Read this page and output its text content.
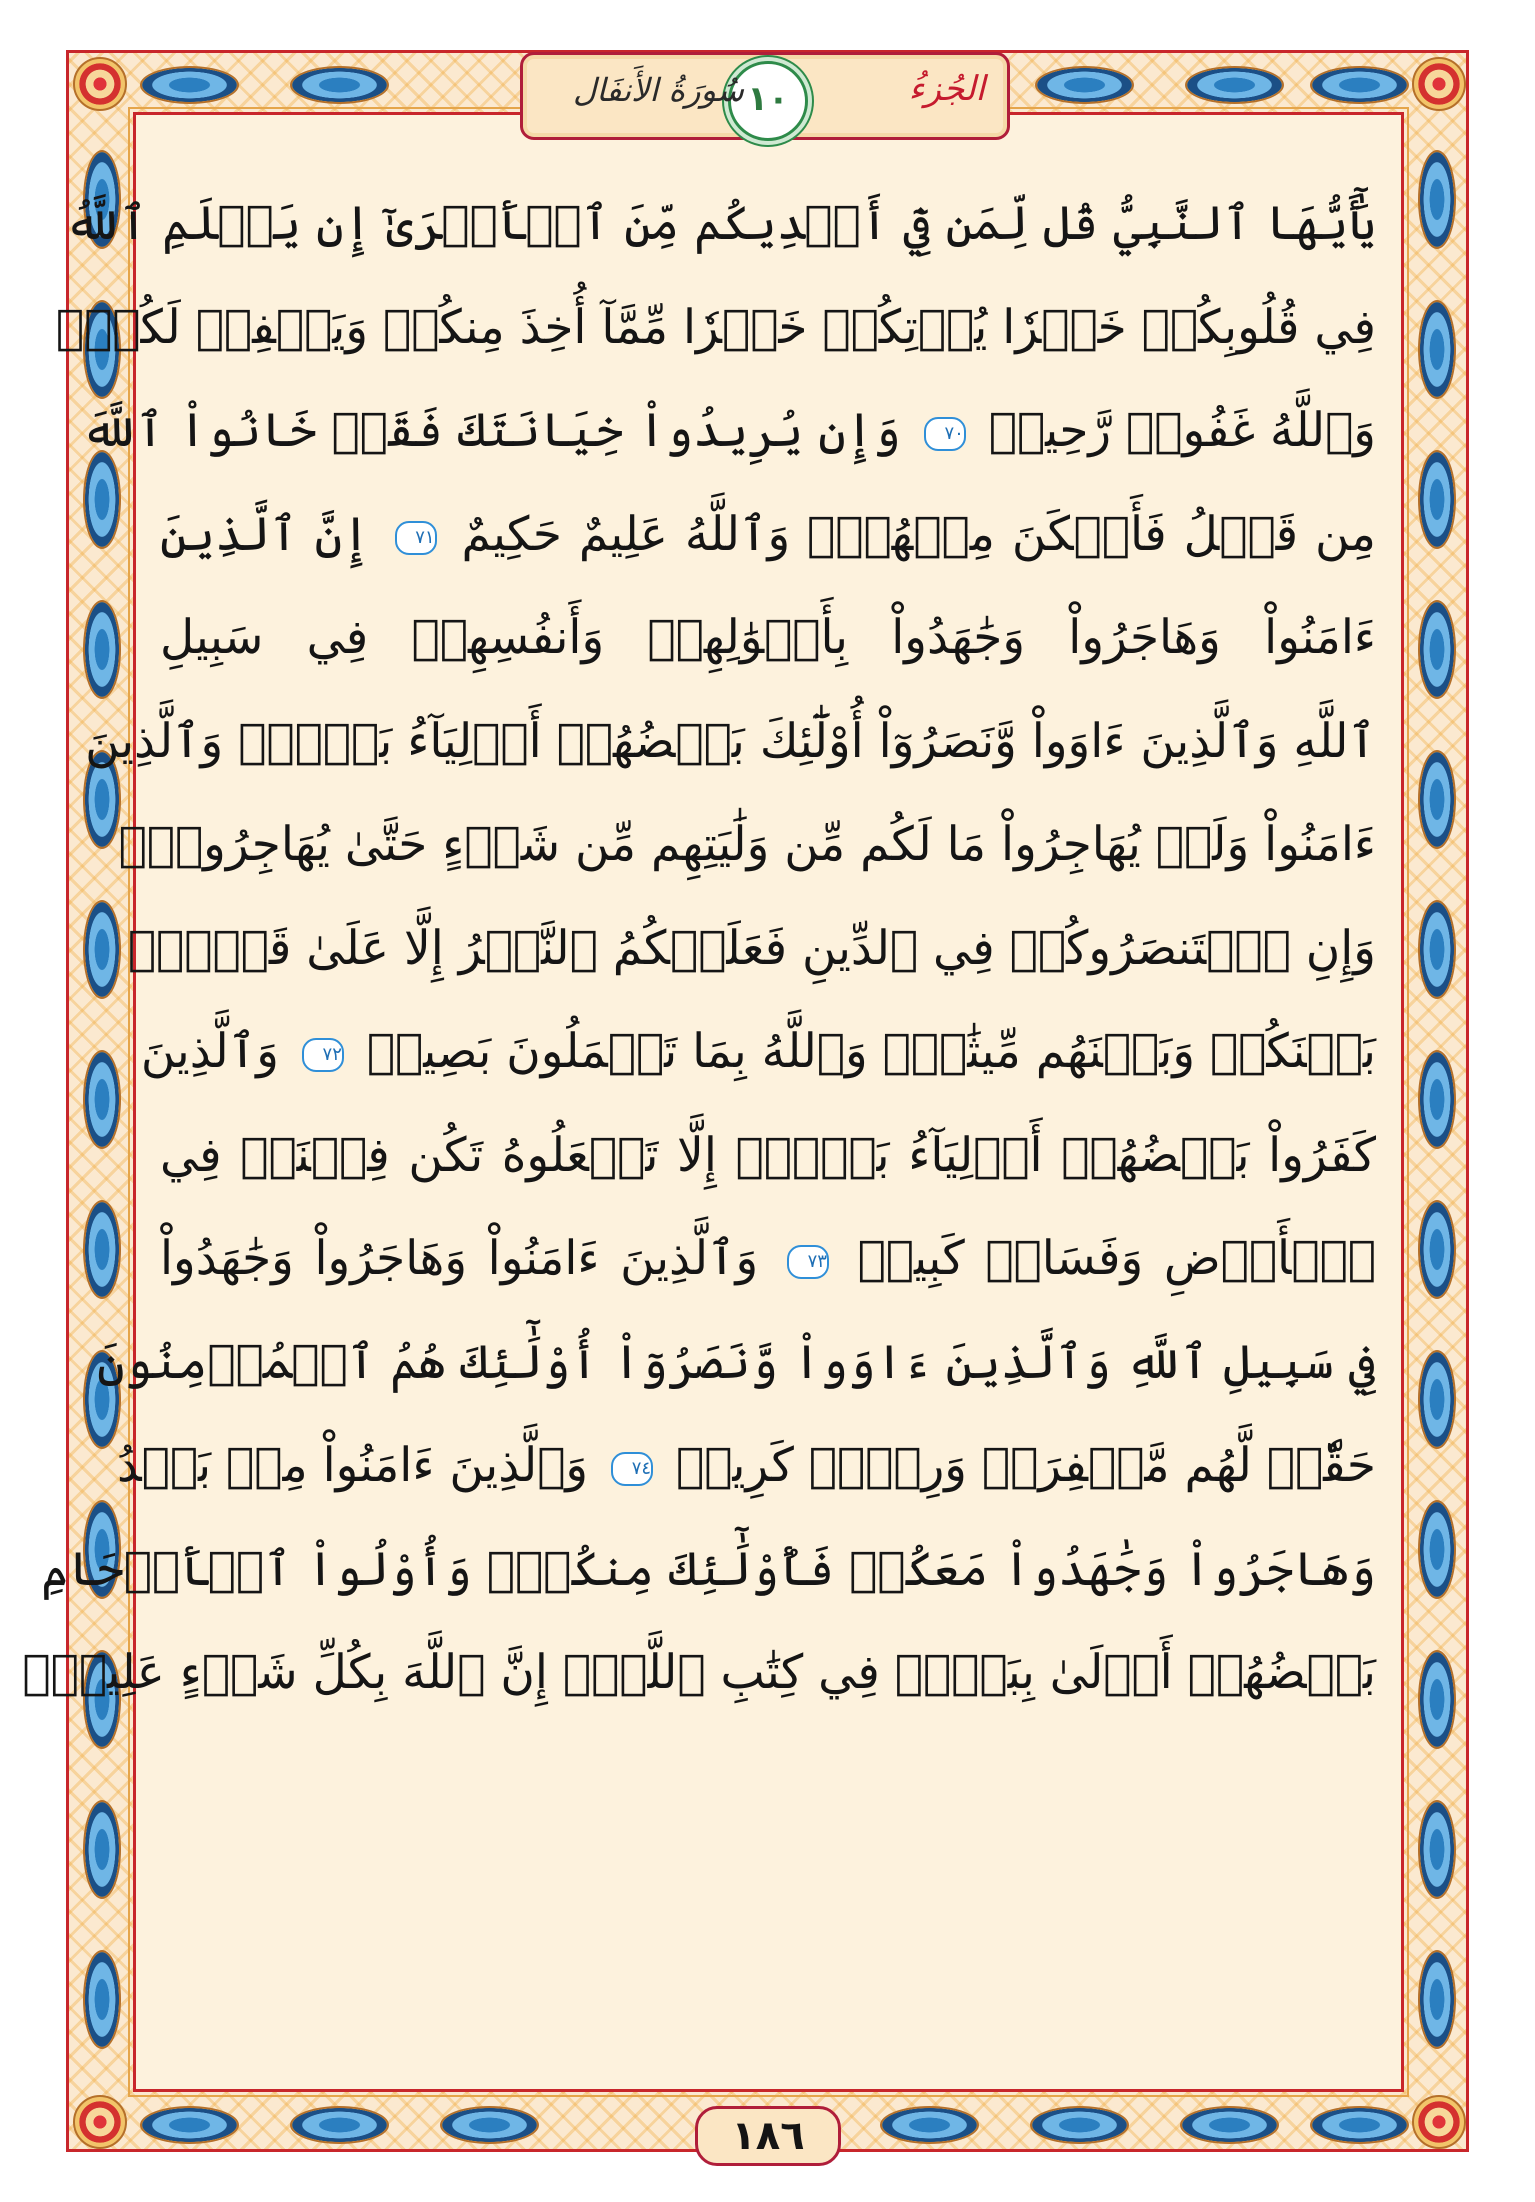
الجُزءُ
١٠
سُورَةُ الأَنفَال
يَٰٓأَيُّهَا ٱلنَّبِيُّ قُل لِّمَن فِيٓ أَيۡدِيكُم مِّنَ ٱلۡأَسۡرَىٰٓ إِن يَعۡلَمِ ٱللَّهُ
فِي قُلُوبِكُمۡ خَيۡرٗا يُؤۡتِكُمۡ خَيۡرٗا مِّمَّآ أُخِذَ مِنكُمۡ وَيَغۡفِرۡ لَكُمۡۚ
وَٱللَّهُ غَفُورٞ رَّحِيمٞ ٧٠ وَإِن يُرِيدُواْ خِيَانَتَكَ فَقَدۡ خَانُواْ ٱللَّهَ
مِن قَبۡلُ فَأَمۡكَنَ مِنۡهُمۡۗ وَٱللَّهُ عَلِيمٌ حَكِيمٌ ٧١ إِنَّ ٱلَّذِينَ
ءَامَنُواْ وَهَاجَرُواْ وَجَٰهَدُواْ بِأَمۡوَٰلِهِمۡ وَأَنفُسِهِمۡ فِي سَبِيلِ
ٱللَّهِ وَٱلَّذِينَ ءَاوَواْ وَّنَصَرُوٓاْ أُوْلَٰٓئِكَ بَعۡضُهُمۡ أَوۡلِيَآءُ بَعۡضٖۚ وَٱلَّذِينَ
ءَامَنُواْ وَلَمۡ يُهَاجِرُواْ مَا لَكُم مِّن وَلَٰيَتِهِم مِّن شَيۡءٍ حَتَّىٰ يُهَاجِرُواْۚ
وَإِنِ ٱسۡتَنصَرُوكُمۡ فِي ٱلدِّينِ فَعَلَيۡكُمُ ٱلنَّصۡرُ إِلَّا عَلَىٰ قَوۡمِۭ
بَيۡنَكُمۡ وَبَيۡنَهُم مِّيثَٰقٞۗ وَٱللَّهُ بِمَا تَعۡمَلُونَ بَصِيرٞ ٧٢ وَٱلَّذِينَ
كَفَرُواْ بَعۡضُهُمۡ أَوۡلِيَآءُ بَعۡضٍۚ إِلَّا تَفۡعَلُوهُ تَكُن فِتۡنَةٞ فِي
ٱلۡأَرۡضِ وَفَسَادٞ كَبِيرٞ ٧٣ وَٱلَّذِينَ ءَامَنُواْ وَهَاجَرُواْ وَجَٰهَدُواْ
فِي سَبِيلِ ٱللَّهِ وَٱلَّذِينَ ءَاوَواْ وَّنَصَرُوٓاْ أُوْلَٰٓئِكَ هُمُ ٱلۡمُؤۡمِنُونَ
حَقّٗاۚ لَّهُم مَّغۡفِرَةٞ وَرِزۡقٞ كَرِيمٞ ٧٤ وَٱلَّذِينَ ءَامَنُواْ مِنۢ بَعۡدُ
وَهَاجَرُواْ وَجَٰهَدُواْ مَعَكُمۡ فَأُوْلَٰٓئِكَ مِنكُمۡۚ وَأُوْلُواْ ٱلۡأَرۡحَامِ
بَعۡضُهُمۡ أَوۡلَىٰ بِبَعۡضٖ فِي كِتَٰبِ ٱللَّهِۚ إِنَّ ٱللَّهَ بِكُلِّ شَيۡءٍ عَلِيمُۢ
١٨٦
